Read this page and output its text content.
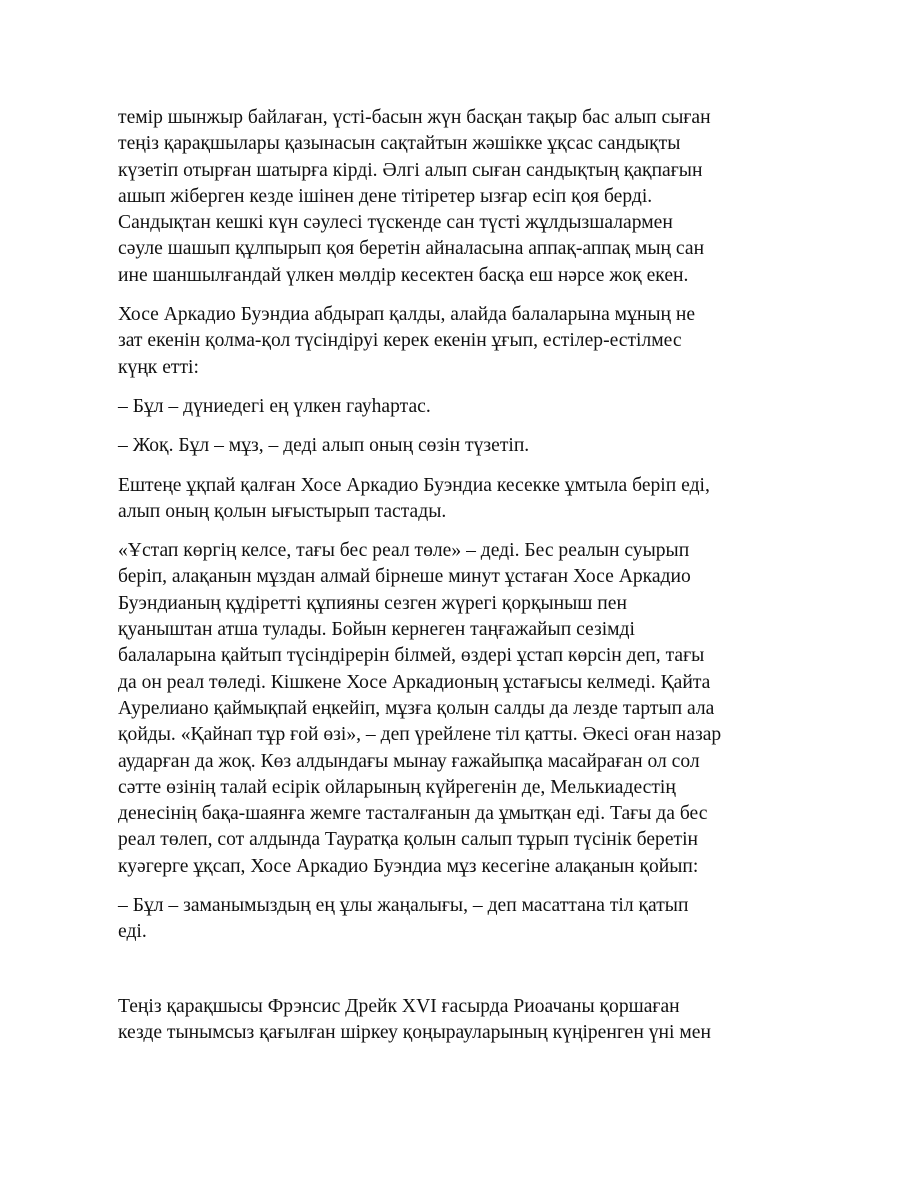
темір шынжыр байлаған, үсті-басын жүн басқан тақыр бас алып сыған
теңіз қарақшылары қазынасын сақтайтын жәшікке ұқсас сандықты
күзетіп отырған шатырға кірді. Әлгі алып сыған сандықтың қақпағын
ашып жіберген кезде ішінен дене тітіретер ызғар есіп қоя берді.
Сандықтан кешкі күн сәулесі түскенде сан түсті жұлдызшалармен
сәуле шашып құлпырып қоя беретін айналасына аппақ-аппақ мың сан
ине шаншылғандай үлкен мөлдір кесектен басқа еш нәрсе жоқ екен.

Хосе Аркадио Буэндиа абдырап қалды, алайда балаларына мұның не
зат екенін қолма-қол түсіндіруі керек екенін ұғып, естілер-естілмес
күңк етті:

– Бұл – дүниедегі ең үлкен гауһартас.

– Жоқ. Бұл – мұз, – деді алып оның сөзін түзетіп.

Ештеңе ұқпай қалған Хосе Аркадио Буэндиа кесекке ұмтыла беріп еді,
алып оның қолын ығыстырып тастады.

«Ұстап көргің келсе, тағы бес реал төле» – деді. Бес реалын суырып
беріп, алақанын мұздан алмай бірнеше минут ұстаған Хосе Аркадио
Буэндианың құдіретті құпияны сезген жүрегі қорқыныш пен
қуаныштан атша тулады. Бойын кернеген таңғажайып сезімді
балаларына қайтып түсіндірерін білмей, өздері ұстап көрсін деп, тағы
да он реал төледі. Кішкене Хосе Аркадионың ұстағысы келмеді. Қайта
Аурелиано қаймықпай еңкейіп, мұзға қолын салды да лезде тартып ала
қойды. «Қайнап тұр ғой өзі», – деп үрейлене тіл қатты. Әкесі оған назар
аударған да жоқ. Көз алдындағы мынау ғажайыпқа масайраған ол сол
сәтте өзінің талай есірік ойларының күйрегенін де, Мелькиадестің
денесінің бақа-шаянға жемге тасталғанын да ұмытқан еді. Тағы да бес
реал төлеп, сот алдында Тауратқа қолын салып тұрып түсінік беретін
куәгерге ұқсап, Хосе Аркадио Буэндиа мұз кесегіне алақанын қойып:

– Бұл – заманымыздың ең ұлы жаңалығы, – деп масаттана тіл қатып
еді.

Теңіз қарақшысы Фрэнсис Дрейк XVI ғасырда Риоачаны қоршаған
кезде тынымсыз қағылған шіркеу қоңырауларының күңіренген үні мен
